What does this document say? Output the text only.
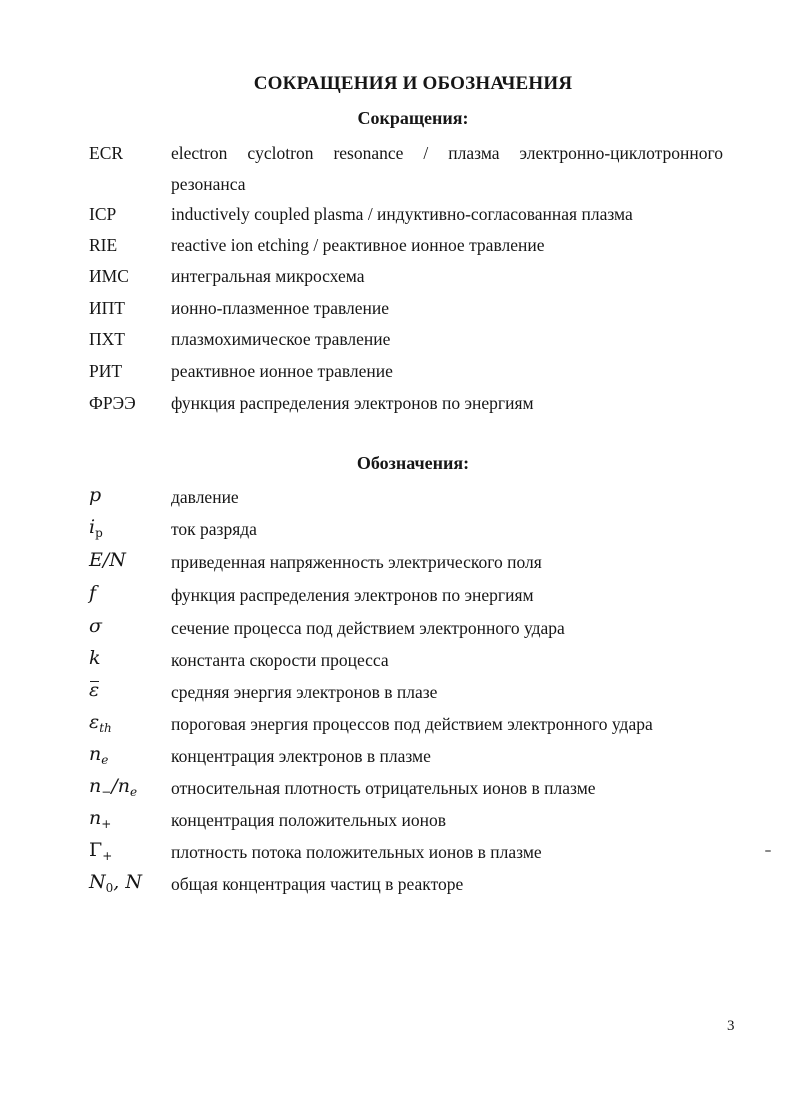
СОКРАЩЕНИЯ И ОБОЗНАЧЕНИЯ
Сокращения:
ECR	electron cyclotron resonance / плазма электронно-циклотронного резонанса
ICP	inductively coupled plasma / индуктивно-согласованная плазма
RIE	reactive ion etching / реактивное ионное травление
ИМС интегральная микросхема
ИПТ	ионно-плазменное травление
ПХТ	плазмохимическое травление
РИТ	реактивное ионное травление
ФРЭЭ функция распределения электронов по энергиям
Обозначения:
p	давление
$i_p$	ток разряда
E/N	приведенная напряженность электрического поля
f	функция распределения электронов по энергиям
σ	сечение процесса под действием электронного удара
k	константа скорости процесса
ε	средняя энергия электронов в плазе
$\varepsilon_{th}$	пороговая энергия процессов под действием электронного удара
$n_e$	концентрация электронов в плазме
$n_-/n_e$ относительная плотность отрицательных ионов в плазме
$n_+$	концентрация положительных ионов
$\Gamma_+$	плотность потока положительных ионов в плазме
$N_0$, N общая концентрация частиц в реакторе
3
